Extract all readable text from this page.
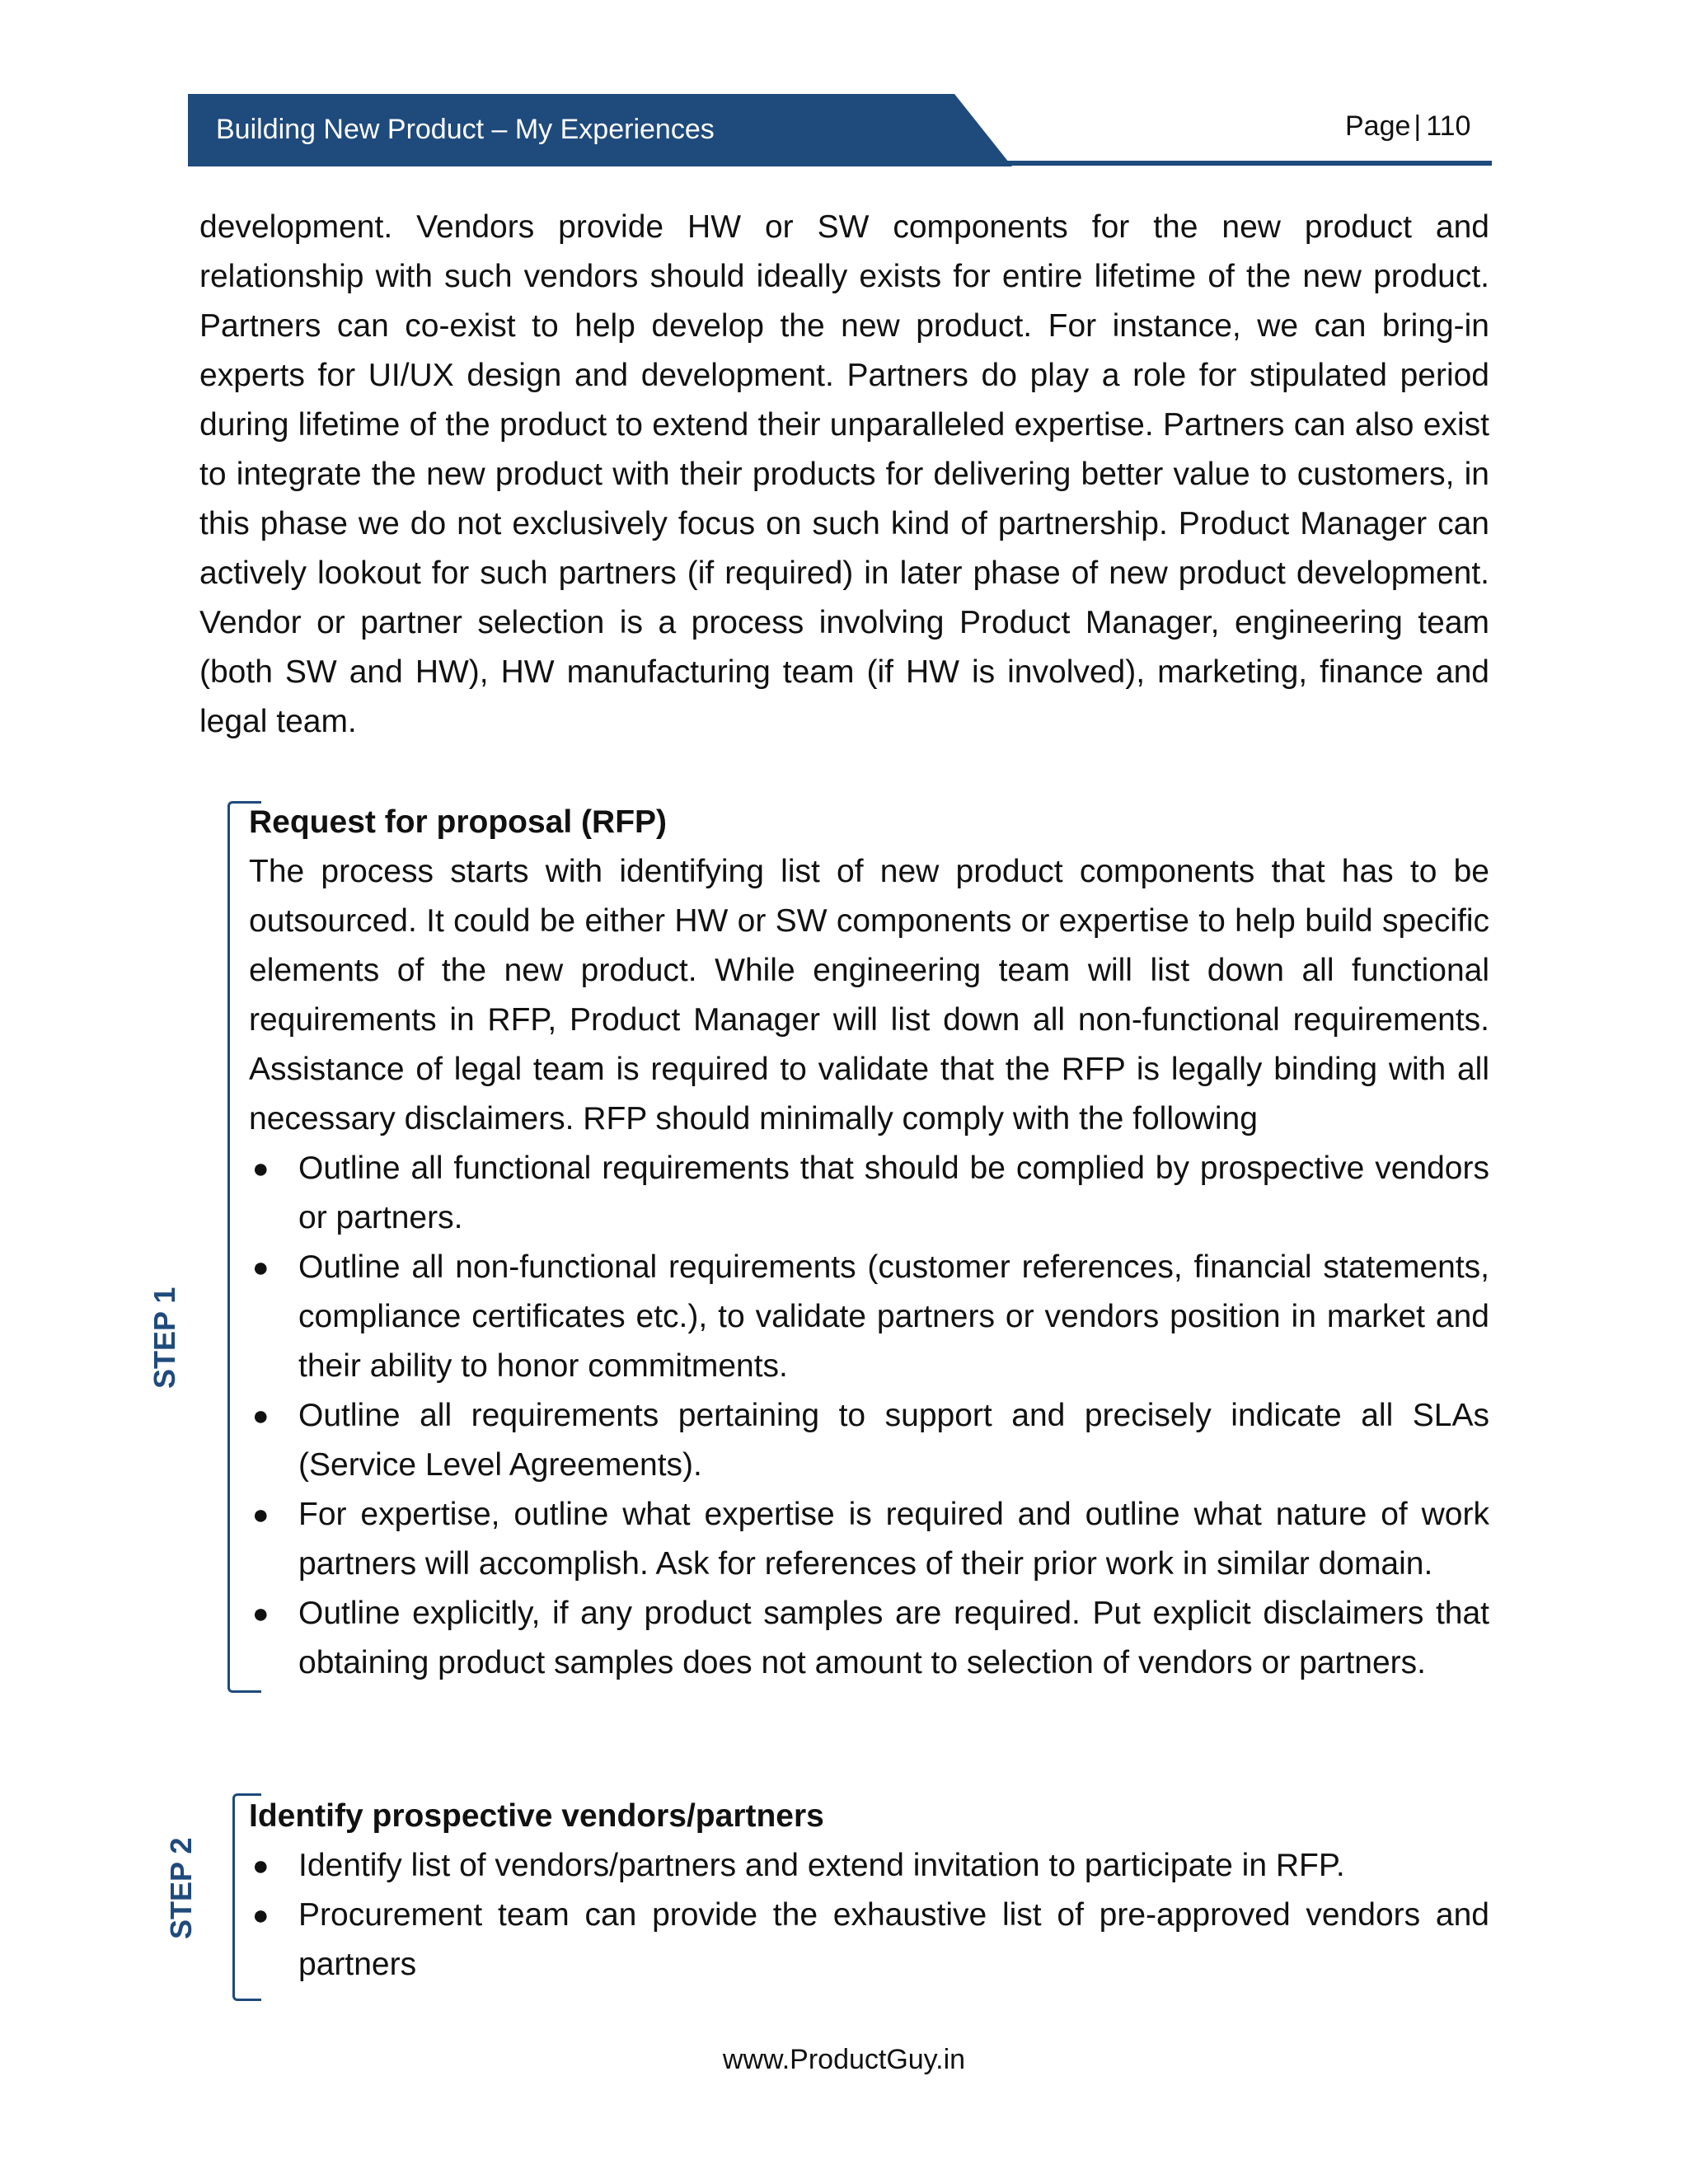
Building New Product – My Experiences	Page | 110
development. Vendors provide HW or SW components for the new product and relationship with such vendors should ideally exists for entire lifetime of the new product. Partners can co-exist to help develop the new product. For instance, we can bring-in experts for UI/UX design and development. Partners do play a role for stipulated period during lifetime of the product to extend their unparalleled expertise. Partners can also exist to integrate the new product with their products for delivering better value to customers, in this phase we do not exclusively focus on such kind of partnership. Product Manager can actively lookout for such partners (if required) in later phase of new product development. Vendor or partner selection is a process involving Product Manager, engineering team (both SW and HW), HW manufacturing team (if HW is involved), marketing, finance and legal team.
STEP 1
Request for proposal (RFP)
The process starts with identifying list of new product components that has to be outsourced. It could be either HW or SW components or expertise to help build specific elements of the new product. While engineering team will list down all functional requirements in RFP, Product Manager will list down all non-functional requirements. Assistance of legal team is required to validate that the RFP is legally binding with all necessary disclaimers. RFP should minimally comply with the following
● Outline all functional requirements that should be complied by prospective vendors or partners.
● Outline all non-functional requirements (customer references, financial statements, compliance certificates etc.), to validate partners or vendors position in market and their ability to honor commitments.
● Outline all requirements pertaining to support and precisely indicate all SLAs (Service Level Agreements).
● For expertise, outline what expertise is required and outline what nature of work partners will accomplish. Ask for references of their prior work in similar domain.
● Outline explicitly, if any product samples are required. Put explicit disclaimers that obtaining product samples does not amount to selection of vendors or partners.
STEP 2
Identify prospective vendors/partners
● Identify list of vendors/partners and extend invitation to participate in RFP.
● Procurement team can provide the exhaustive list of pre-approved vendors and partners
www.ProductGuy.in
